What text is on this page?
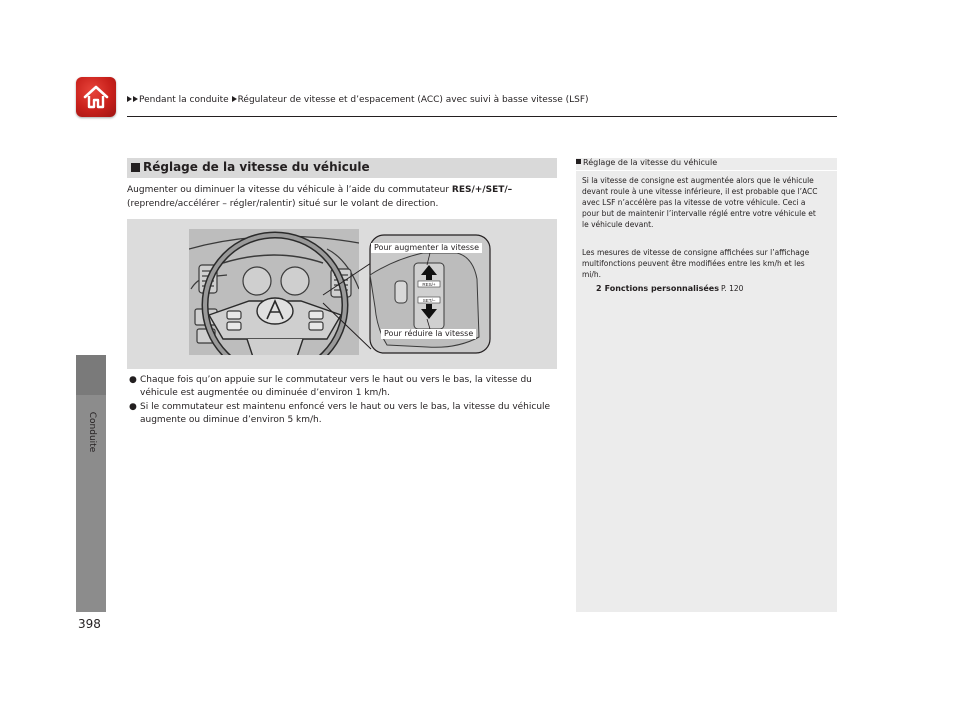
Pendant la conduite Régulateur de vitesse et d’espacement (ACC) avec suivi à basse vitesse (LSF)
Conduite
398
Réglage de la vitesse du véhicule
Augmenter ou diminuer la vitesse du véhicule à l’aide du commutateur RES/+/SET/–
(reprendre/accélérer – régler/ralentir) situé sur le volant de direction.
RES/+
SET/–
Pour augmenter la vitesse
Pour réduire la vitesse
● Chaque fois qu’on appuie sur le commutateur vers le haut ou vers le bas, la vitesse du véhicule est augmentée ou diminuée d’environ 1 km/h.
● Si le commutateur est maintenu enfoncé vers le haut ou vers le bas, la vitesse du véhicule augmente ou diminue d’environ 5 km/h.
Réglage de la vitesse du véhicule
Si la vitesse de consigne est augmentée alors que le véhicule devant roule à une vitesse inférieure, il est probable que l’ACC avec LSF n’accélère pas la vitesse de votre véhicule. Ceci a pour but de maintenir l’intervalle réglé entre votre véhicule et le véhicule devant.
Les mesures de vitesse de consigne affichées sur l’affichage multifonctions peuvent être modifiées entre les km/h et les mi/h.
2 Fonctions personnalisées P. 120
